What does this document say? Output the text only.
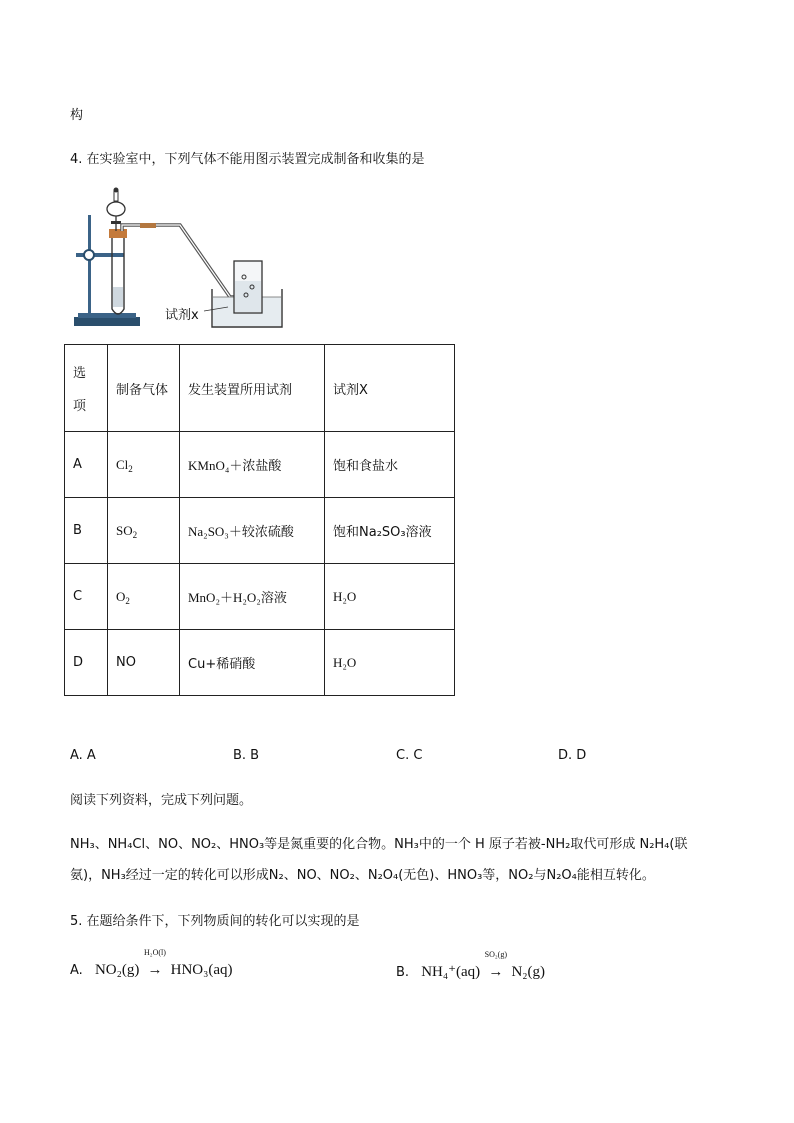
构
4. 在实验室中，下列气体不能用图示装置完成制备和收集的是
试剂x
选
项	制备气体	发生装置所用试剂	试剂X
A	$Cl_2$	KMnO₄＋浓盐酸	饱和食盐水
B	$SO_2$	Na₂SO₃＋较浓硫酸	饱和Na₂SO₃溶液
C	$O_2$	MnO₂＋H₂O₂溶液	H₂O
D	NO	Cu+稀硝酸	H₂O
A. A	B. B	C. C	D. D
阅读下列资料，完成下列问题。
NH₃、NH₄Cl、NO、NO₂、HNO₃等是氮重要的化合物。NH₃中的一个 H 原子若被-NH₂取代可形成 N₂H₄(联
氨)，NH₃经过一定的转化可以形成N₂、NO、NO₂、N₂O₄(无色)、HNO₃等，NO₂与N₂O₄能相互转化。
5. 在题给条件下，下列物质间的转化可以实现的是
A. NO₂(g)
H₂O(l)
→ HNO₃(aq)	B. NH₄⁺(aq)
SO₂(g)
→ N₂(g)
